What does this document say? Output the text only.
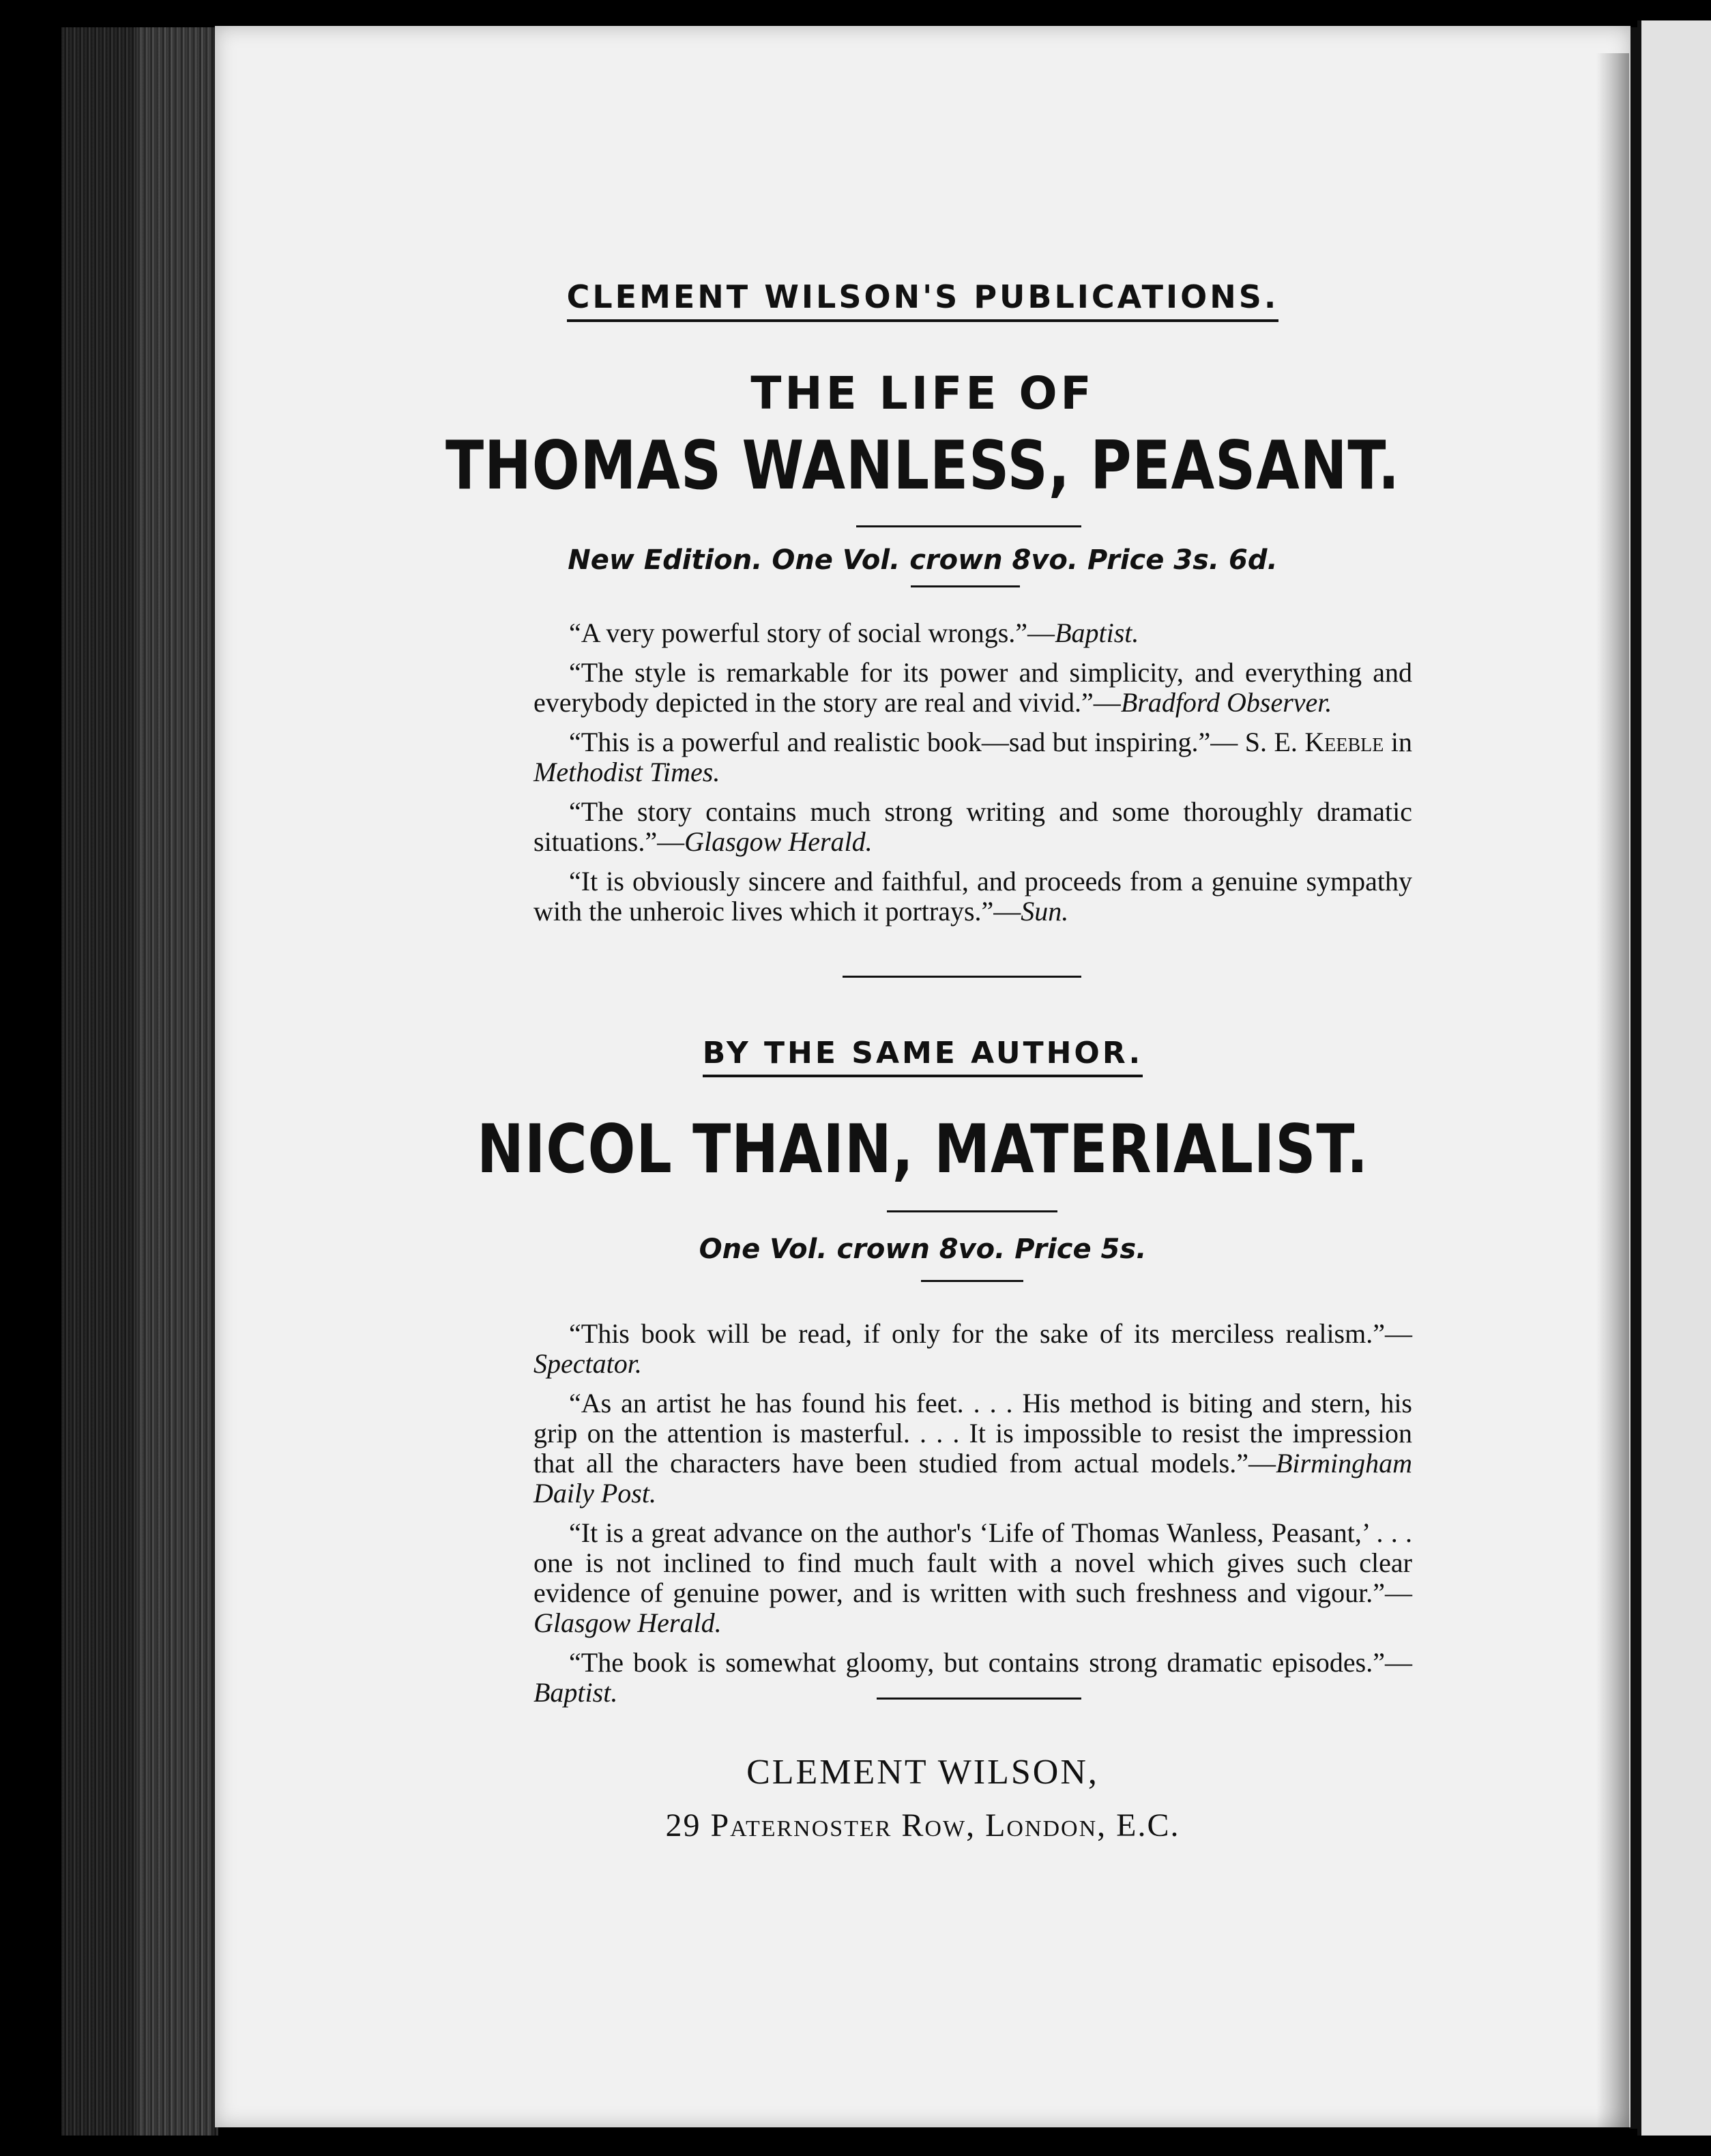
CLEMENT WILSON'S PUBLICATIONS.
THE LIFE OF
THOMAS WANLESS, PEASANT.
New Edition. One Vol. crown 8vo. Price 3s. 6d.

“A very powerful story of social wrongs.”—Baptist.

“The style is remarkable for its power and simplicity, and everything and everybody depicted in the story are real and vivid.”—Bradford Observer.

“This is a powerful and realistic book—sad but inspiring.”— S. E. Keeble in Methodist Times.

“The story contains much strong writing and some thoroughly dramatic situations.”—Glasgow Herald.

“It is obviously sincere and faithful, and proceeds from a genuine sympathy with the unheroic lives which it portrays.”—Sun.

BY THE SAME AUTHOR.
NICOL THAIN, MATERIALIST.
One Vol. crown 8vo. Price 5s.

“This book will be read, if only for the sake of its merciless realism.”—Spectator.

“As an artist he has found his feet. . . . His method is biting and stern, his grip on the attention is masterful. . . . It is impossible to resist the impression that all the characters have been studied from actual models.”—Birmingham Daily Post.

“It is a great advance on the author's ‘Life of Thomas Wanless, Peasant,’ . . . one is not inclined to find much fault with a novel which gives such clear evidence of genuine power, and is written with such freshness and vigour.”—Glasgow Herald.

“The book is somewhat gloomy, but contains strong dramatic episodes.”—Baptist.

CLEMENT WILSON,
29 Paternoster Row, London, E.C.
